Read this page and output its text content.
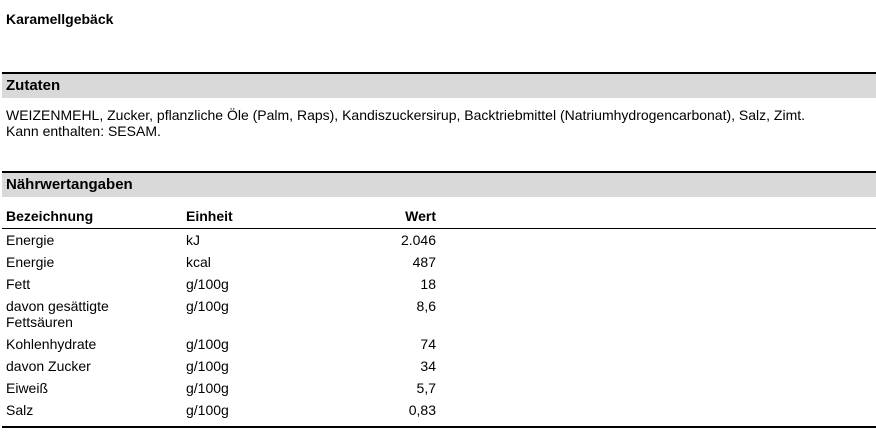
Karamellgebäck
Zutaten
WEIZENMEHL, Zucker, pflanzliche Öle (Palm, Raps), Kandiszuckersirup, Backtriebmittel (Natriumhydrogencarbonat), Salz, Zimt.
Kann enthalten: SESAM.
Nährwertangaben
Bezeichnung	Einheit	Wert	
Energie	kJ	2.046	
Energie	kcal	487	
Fett	g/100g	18	
davon gesättigte Fettsäuren	g/100g	8,6	
Kohlenhydrate	g/100g	74	
davon Zucker	g/100g	34	
Eiweiß	g/100g	5,7	
Salz	g/100g	0,83	
